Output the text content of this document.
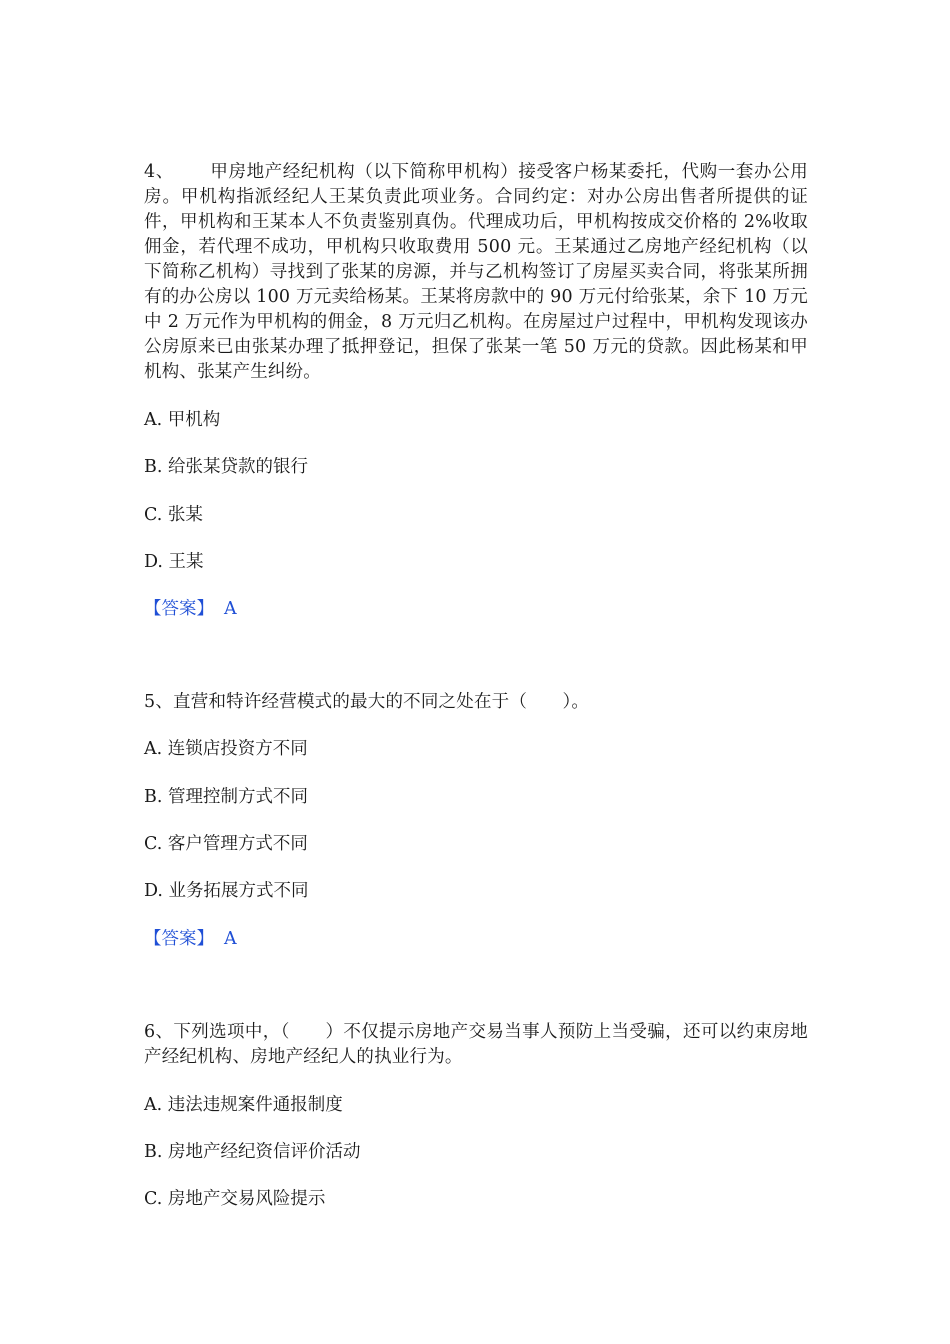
4、 甲房地产经纪机构（以下简称甲机构）接受客户杨某委托，代购一套办公用房。甲机构指派经纪人王某负责此项业务。合同约定：对办公房出售者所提供的证件，甲机构和王某本人不负责鉴别真伪。代理成功后，甲机构按成交价格的 2%收取佣金，若代理不成功，甲机构只收取费用 500 元。王某通过乙房地产经纪机构（以下简称乙机构）寻找到了张某的房源，并与乙机构签订了房屋买卖合同，将张某所拥有的办公房以 100 万元卖给杨某。王某将房款中的 90 万元付给张某，余下 10 万元中 2 万元作为甲机构的佣金，8 万元归乙机构。在房屋过户过程中，甲机构发现该办公房原来已由张某办理了抵押登记，担保了张某一笔 50 万元的贷款。因此杨某和甲机构、张某产生纠纷。

A. 甲机构
B. 给张某贷款的银行
C. 张某
D. 王某
【答案】 A

5、直营和特许经营模式的最大的不同之处在于（　　）。

A. 连锁店投资方不同
B. 管理控制方式不同
C. 客户管理方式不同
D. 业务拓展方式不同
【答案】 A

6、下列选项中，（　　）不仅提示房地产交易当事人预防上当受骗，还可以约束房地产经纪机构、房地产经纪人的执业行为。

A. 违法违规案件通报制度
B. 房地产经纪资信评价活动
C. 房地产交易风险提示
